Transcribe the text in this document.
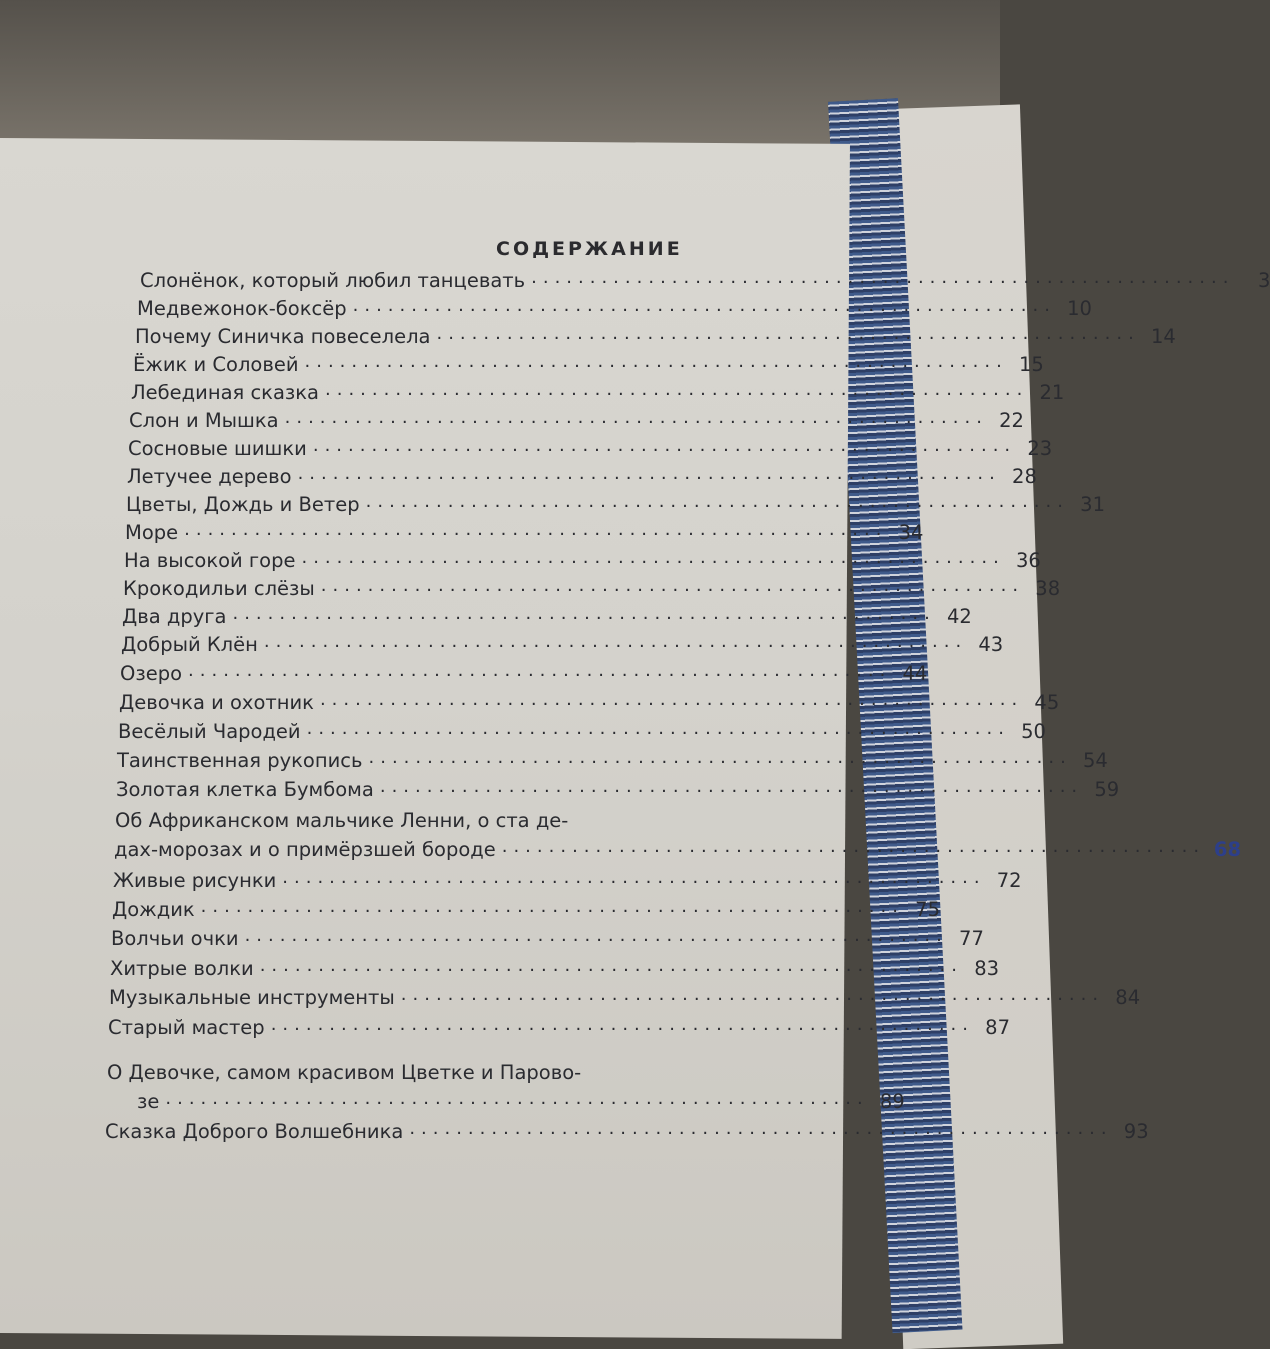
СОДЕРЖАНИЕ
Слонёнок, который любил танцевать ............................................................	3
Медвежонок-боксёр ............................................................ 10
Почему Синичка повеселела ............................................................ 14
Ёжик и Соловей ............................................................ 15
Лебединая сказка ............................................................ 21
Слон и Мышка ............................................................ 22
Сосновые шишки ............................................................ 23
Летучее дерево ............................................................ 28
Цветы, Дождь и Ветер ............................................................ 31
Море ............................................................ 34
На высокой горе ............................................................ 36
Крокодильи слёзы ............................................................ 38
Два друга ............................................................ 42
Добрый Клён ............................................................ 43
Озеро ............................................................ 44
Девочка и охотник ............................................................ 45
Весёлый Чародей ............................................................ 50
Таинственная рукопись ............................................................ 54
Золотая клетка Бумбома ............................................................ 59
Об Африканском мальчике Ленни, о ста де-
дах-морозах и о примёрзшей бороде ............................................................ 68
Живые рисунки ............................................................ 72
Дождик ............................................................ 75
Волчьи очки ............................................................ 77
Хитрые волки ............................................................ 83
Музыкальные инструменты ............................................................ 84
Старый мастер ............................................................ 87
О Девочке, самом красивом Цветке и Парово-
зе ............................................................ 89
Сказка Доброго Волшебника ............................................................ 93
